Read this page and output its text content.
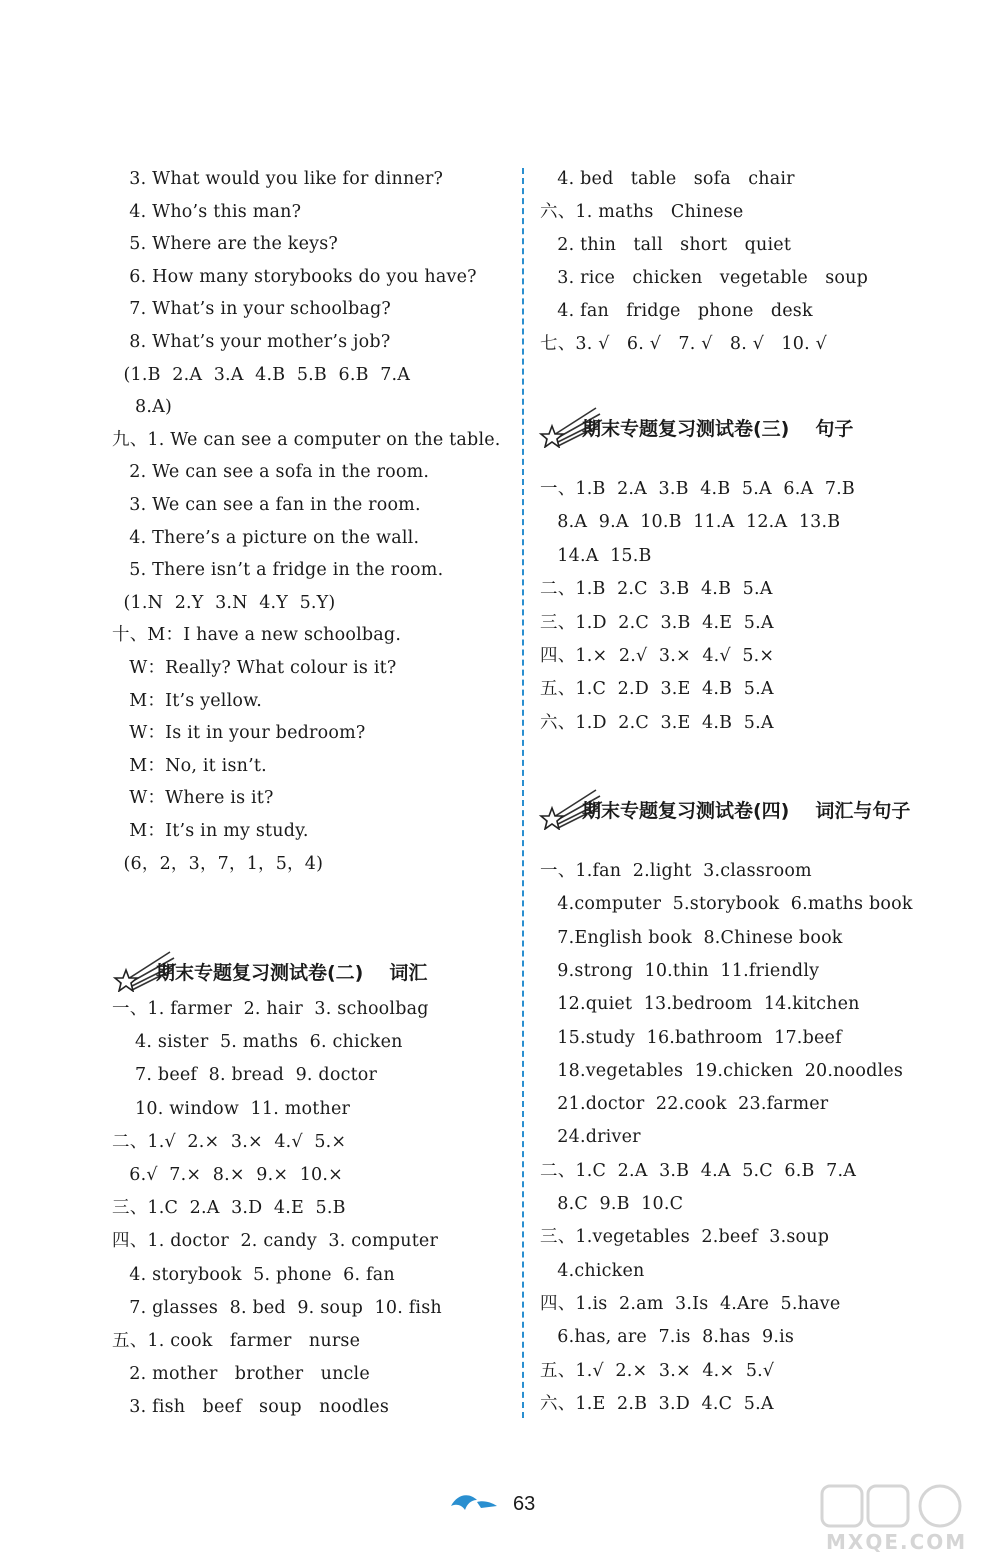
3. What would you like for dinner?
4. Who’s this man?
5. Where are the keys?
6. How many storybooks do you have?
7. What’s in your schoolbag?
8. What’s your mother’s job?
(1.B  2.A  3.A  4.B  5.B  6.B  7.A
8.A)
九、1. We can see a computer on the table.
2. We can see a sofa in the room.
3. We can see a fan in the room.
4. There’s a picture on the wall.
5. There isn’t a fridge in the room.
(1.N  2.Y  3.N  4.Y  5.Y)
十、M：I have a new schoolbag.
W：Really? What colour is it?
M：It’s yellow.
W：Is it in your bedroom?
M：No, it isn’t.
W：Where is it?
M：It’s in my study.
(6，2，3，7，1，5，4)
期末专题复习测试卷(二) 词汇
一、1. farmer  2. hair  3. schoolbag
4. sister  5. maths  6. chicken
7. beef  8. bread  9. doctor
10. window  11. mother
二、1.√  2.×  3.×  4.√  5.×
6.√  7.×  8.×  9.×  10.×
三、1.C  2.A  3.D  4.E  5.B
四、1. doctor  2. candy  3. computer
4. storybook  5. phone  6. fan
7. glasses  8. bed  9. soup  10. fish
五、1. cook   farmer   nurse
2. mother   brother   uncle
3. fish   beef   soup   noodles
4. bed   table   sofa   chair
六、1. maths   Chinese
2. thin   tall   short   quiet
3. rice   chicken   vegetable   soup
4. fan   fridge   phone   desk
七、3. √   6. √   7. √   8. √   10. √
期末专题复习测试卷(三) 句子
一、1.B  2.A  3.B  4.B  5.A  6.A  7.B
8.A  9.A  10.B  11.A  12.A  13.B
14.A  15.B
二、1.B  2.C  3.B  4.B  5.A
三、1.D  2.C  3.B  4.E  5.A
四、1.×  2.√  3.×  4.√  5.×
五、1.C  2.D  3.E  4.B  5.A
六、1.D  2.C  3.E  4.B  5.A
期末专题复习测试卷(四) 词汇与句子
一、1.fan  2.light  3.classroom
4.computer  5.storybook  6.maths book
7.English book  8.Chinese book
9.strong  10.thin  11.friendly
12.quiet  13.bedroom  14.kitchen
15.study  16.bathroom  17.beef
18.vegetables  19.chicken  20.noodles
21.doctor  22.cook  23.farmer
24.driver
二、1.C  2.A  3.B  4.A  5.C  6.B  7.A
8.C  9.B  10.C
三、1.vegetables  2.beef  3.soup
4.chicken
四、1.is  2.am  3.Is  4.Are  5.have
6.has, are  7.is  8.has  9.is
五、1.√  2.×  3.×  4.×  5.√
六、1.E  2.B  3.D  4.C  5.A
63
MXQE.COM
